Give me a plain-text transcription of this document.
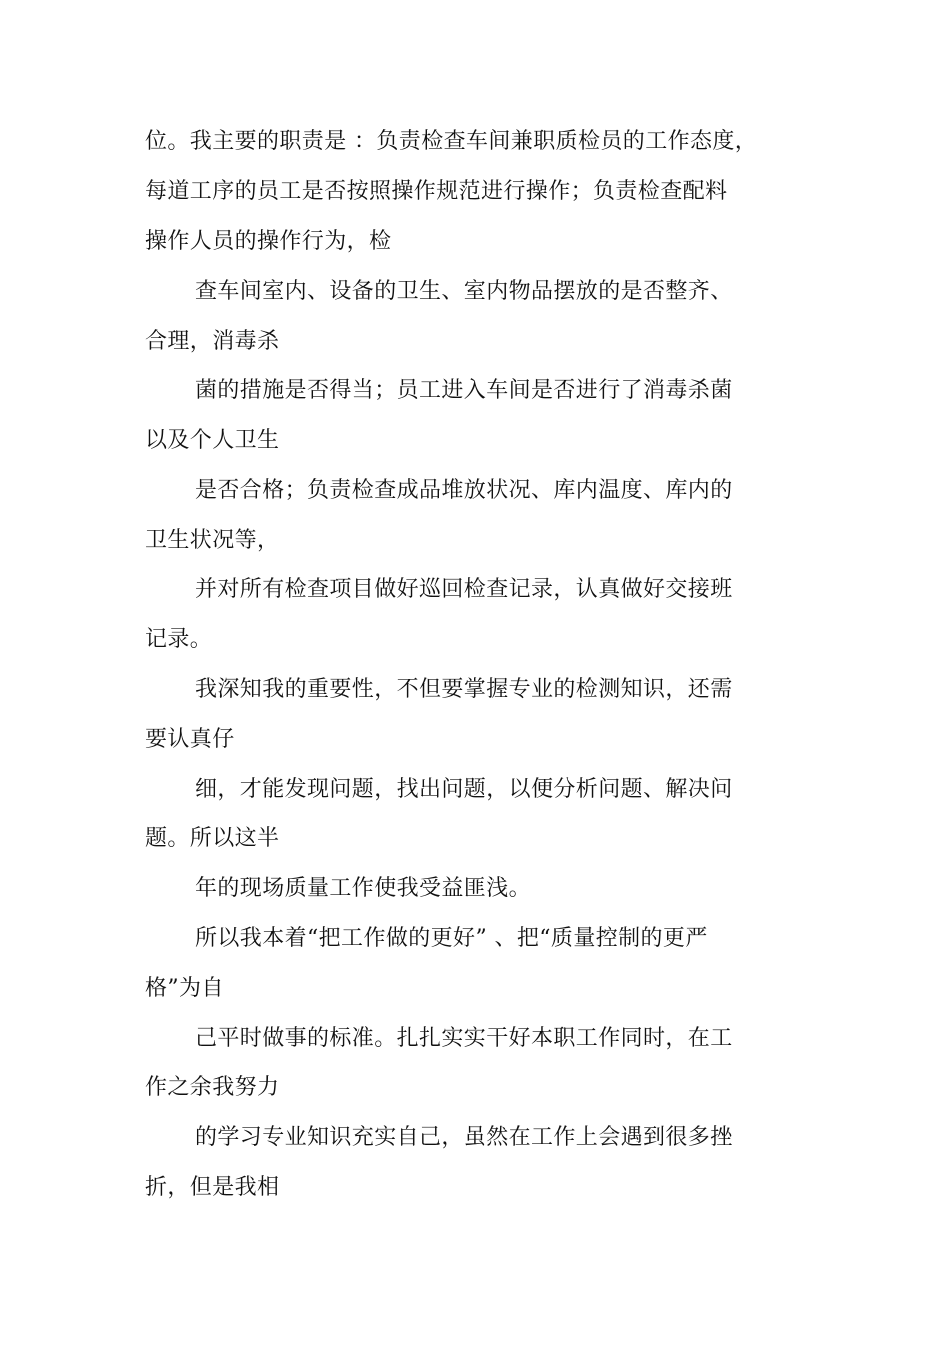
位。我主要的职责是 ：负责检查车间兼职质检员的工作态度，
每道工序的员工是否按照操作规范进行操作；负责检查配料
操作人员的操作行为，检
查车间室内、设备的卫生、室内物品摆放的是否整齐、
合理，消毒杀
菌的措施是否得当；员工进入车间是否进行了消毒杀菌
以及个人卫生
是否合格；负责检查成品堆放状况、库内温度、库内的
卫生状况等，
并对所有检查项目做好巡回检查记录，认真做好交接班
记录。
我深知我的重要性，不但要掌握专业的检测知识，还需
要认真仔
细，才能发现问题，找出问题，以便分析问题、解决问
题。所以这半
年的现场质量工作使我受益匪浅。
所以我本着“把工作做的更好” 、把“质量控制的更严
格”为自
己平时做事的标准。扎扎实实干好本职工作同时，在工
作之余我努力
的学习专业知识充实自己，虽然在工作上会遇到很多挫
折，但是我相
